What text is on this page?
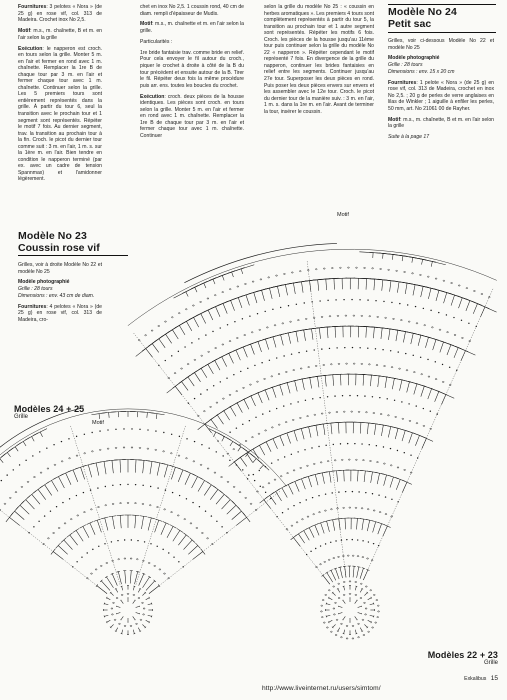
Fournitures: 3 pelotes « Nora » (de 25 g) en rose vif, col. 313 de Madeira. Crochet inox No 2,5.

Motif: m.s., m. chaînette, B et m. en l'air selon la grille

Exécution: le napperon est croch. en tours selon la grille. Monter 5 m. en l'air et fermer en rond avec 1 m. chaînette. Remplacer la 1re B de chaque tour par 3 m. en l'air et fermer chaque tour avec 1 m. chaînette. Continuer selon la grille. Les 5 premiers tours sont entièrement représentés dans la grille. À partir du tour 6, seul la transition avec le prochain tour et 1 segment sont représentés. Répéter le motif 7 fois. Au dernier segment, trav. la transition au prochain tour à la fin. Croch. le picot du dernier tour comme suit : 3 m. en l'air, 1 m. s. sur la 1ère m. en l'air. Bien tendre en condition le napperon terminé (par ex. avec un cadre de tension Spannmax) et l'amidonner légèrement.

chet en inox No 2,5. 1 coussin rond, 40 cm de diam. rempli d'épaisseur de Mudis.

Motif: m.s., m. chaînette et m. en l'air selon la grille.

Particularités :

1re bride fantaisie trav. comme bride en relief. Pour cela envoyer le fil autour du croch., piquer le crochet à droite à côté de la B du tour précédent et ensuite autour de la B. Tirer le fil. Répéter deux fois la même procédure puis arr. ens. toutes les boucles du crochet.

Exécution: croch. deux pièces de la housse identiques. Les pièces sont croch. en tours selon la grille. Monter 5 m. en l'air et fermer en rond avec 1 m. chaînette. Remplacer la 1re B de chaque tour par 3 m. en l'air et fermer chaque tour avec 1 m. chaînette. Continuer

selon la grille du modèle No 25 : « coussin en herbes aromatiques ». Les premiers 4 tours sont complètement représentés à partir du tour 5, la transition au prochain tour et 1 autre segment sont représentés. Répéter les motifs 6 fois. Croch. les pièces de la housse jusqu'au 11ème tour puis continuer selon la grille du modèle No 22 « napperon ». Répéter cependant le motif représenté 7 fois. En divergence de la grille du napperon, continuer les brides fantaisies en relief entre les segments. Continuer jusqu'au 27e tour. Superposer les deux pièces en rond. Puis poser les deux pièces envers sur envers et les assembler avec le 12e tour. Croch. le picot du dernier tour de la manière suiv. : 3 m. en l'air, 1 m. s. dans la 1re m. en l'air. Avant de terminer la tour, insérer le coussin.

Grilles, voir ci-dessous Modèle No 22 et modèle No 25

Modèle photographié
Grille : 28 tours
Dimensions : env. 15 x 20 cm

Fournitures: 1 pelote « Nora » (de 25 g) en rose vif, col. 313 de Madeira, crochet en inox No 2,5. ; 20 g de perles de verre anglaises en lilas de Winkler ; 1 aiguille à enfiler les perles, 50 mm, art. No 21061 00 de Rayher.

Motif: m.s., m. chaînette, B et m. en l'air selon la grille

Suite à la page 17

Grilles, voir à droite Modèle No 22 et modèle No 25

Modèle photographié
Grille : 28 tours
Dimensions : env. 43 cm de diam.

Fournitures: 4 pelotes « Nora » (de 25 g) en rose vif, col. 313 de Madeira, cro-

Modèle No 24
Petit sac
Modèle No 23
Coussin rose vif
Modèles 24 + 25
Grille
Modèles 22 + 23
Grille
Motif
Motif
http://www.liveinternet.ru/users/simtom/
Exkalibus 15
